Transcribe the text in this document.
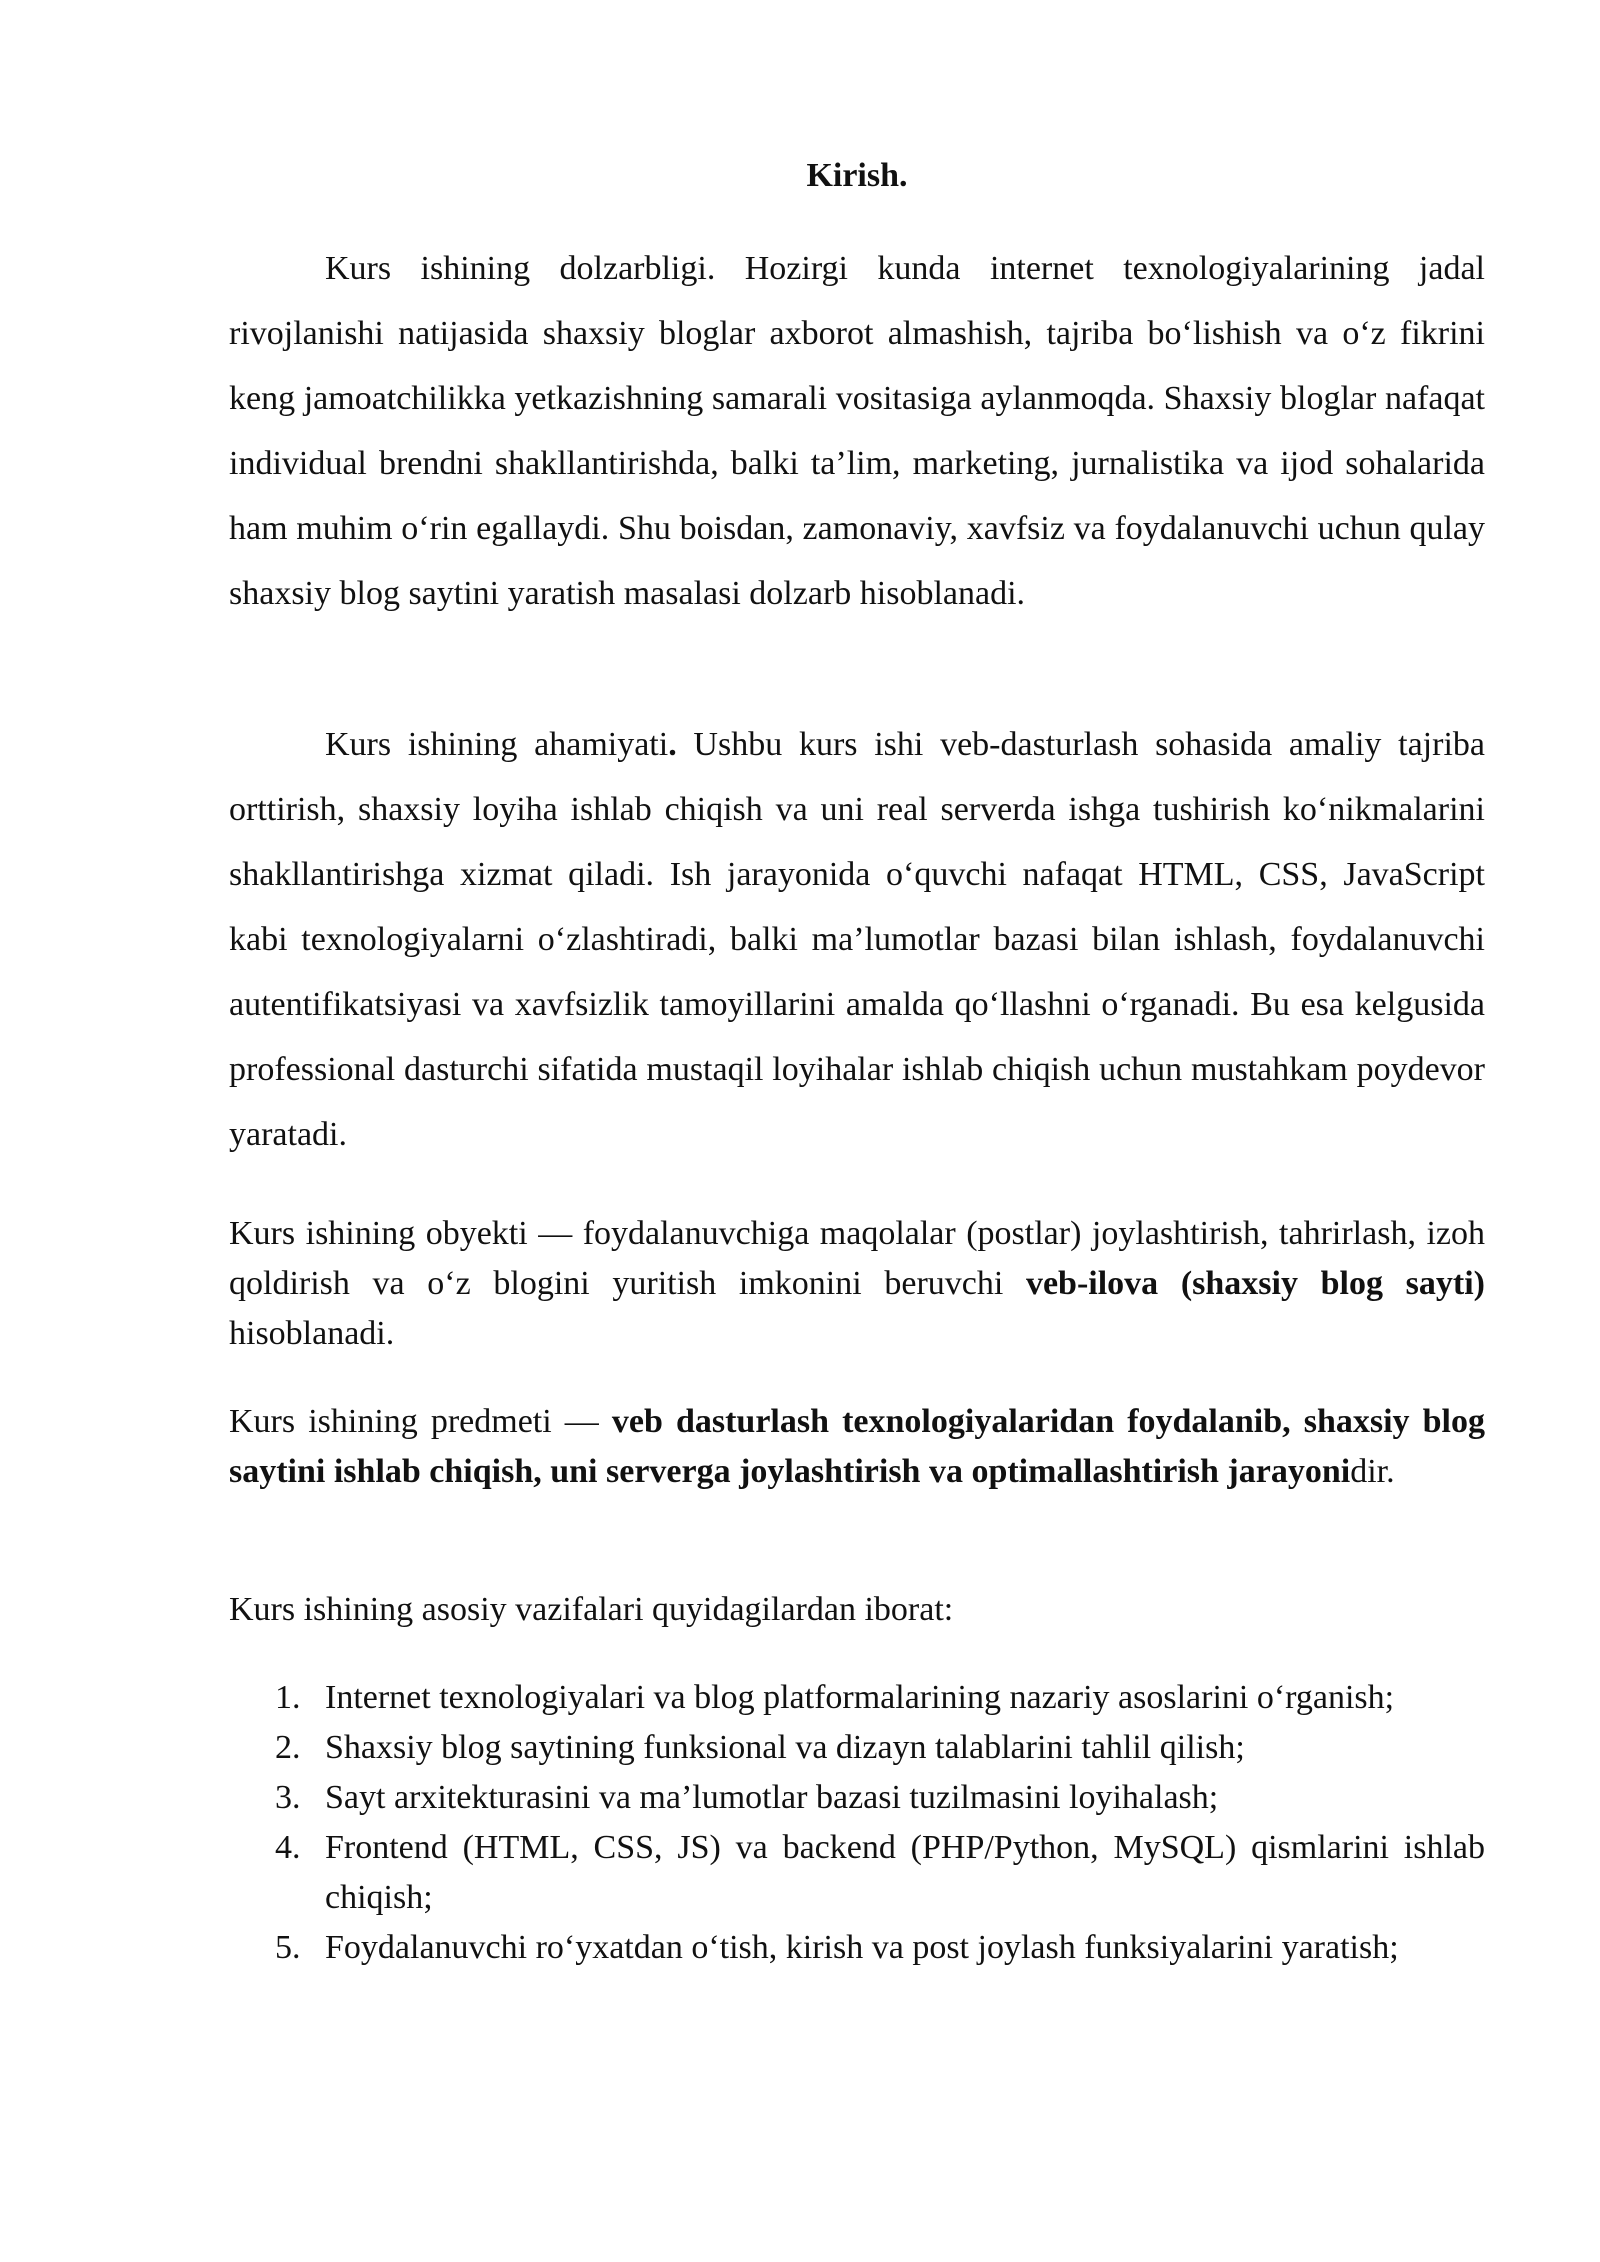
Kirish.

Kurs ishining dolzarbligi. Hozirgi kunda internet texnologiyalarining jadal rivojlanishi natijasida shaxsiy bloglar axborot almashish, tajriba bo‘lishish va o‘z fikrini keng jamoatchilikka yetkazishning samarali vositasiga aylanmoqda. Shaxsiy bloglar nafaqat individual brendni shakllantirishda, balki ta’lim, marketing, jurnalistika va ijod sohalarida ham muhim o‘rin egallaydi. Shu boisdan, zamonaviy, xavfsiz va foydalanuvchi uchun qulay shaxsiy blog saytini yaratish masalasi dolzarb hisoblanadi.

Kurs ishining ahamiyati. Ushbu kurs ishi veb-dasturlash sohasida amaliy tajriba orttirish, shaxsiy loyiha ishlab chiqish va uni real serverda ishga tushirish ko‘nikmalarini shakllantirishga xizmat qiladi. Ish jarayonida o‘quvchi nafaqat HTML, CSS, JavaScript kabi texnologiyalarni o‘zlashtiradi, balki ma’lumotlar bazasi bilan ishlash, foydalanuvchi autentifikatsiyasi va xavfsizlik tamoyillarini amalda qo‘llashni o‘rganadi. Bu esa kelgusida professional dasturchi sifatida mustaqil loyihalar ishlab chiqish uchun mustahkam poydevor yaratadi.

Kurs ishining obyekti — foydalanuvchiga maqolalar (postlar) joylashtirish, tahrirlash, izoh qoldirish va o‘z blogini yuritish imkonini beruvchi veb-ilova (shaxsiy blog sayti) hisoblanadi.

Kurs ishining predmeti — veb dasturlash texnologiyalaridan foydalanib, shaxsiy blog saytini ishlab chiqish, uni serverga joylashtirish va optimallashtirish jarayonidir.

Kurs ishining asosiy vazifalari quyidagilardan iborat:

1. Internet texnologiyalari va blog platformalarining nazariy asoslarini o‘rganish;
2. Shaxsiy blog saytining funksional va dizayn talablarini tahlil qilish;
3. Sayt arxitekturasini va ma’lumotlar bazasi tuzilmasini loyihalash;
4. Frontend (HTML, CSS, JS) va backend (PHP/Python, MySQL) qismlarini ishlab chiqish;
5. Foydalanuvchi ro‘yxatdan o‘tish, kirish va post joylash funksiyalarini yaratish;
